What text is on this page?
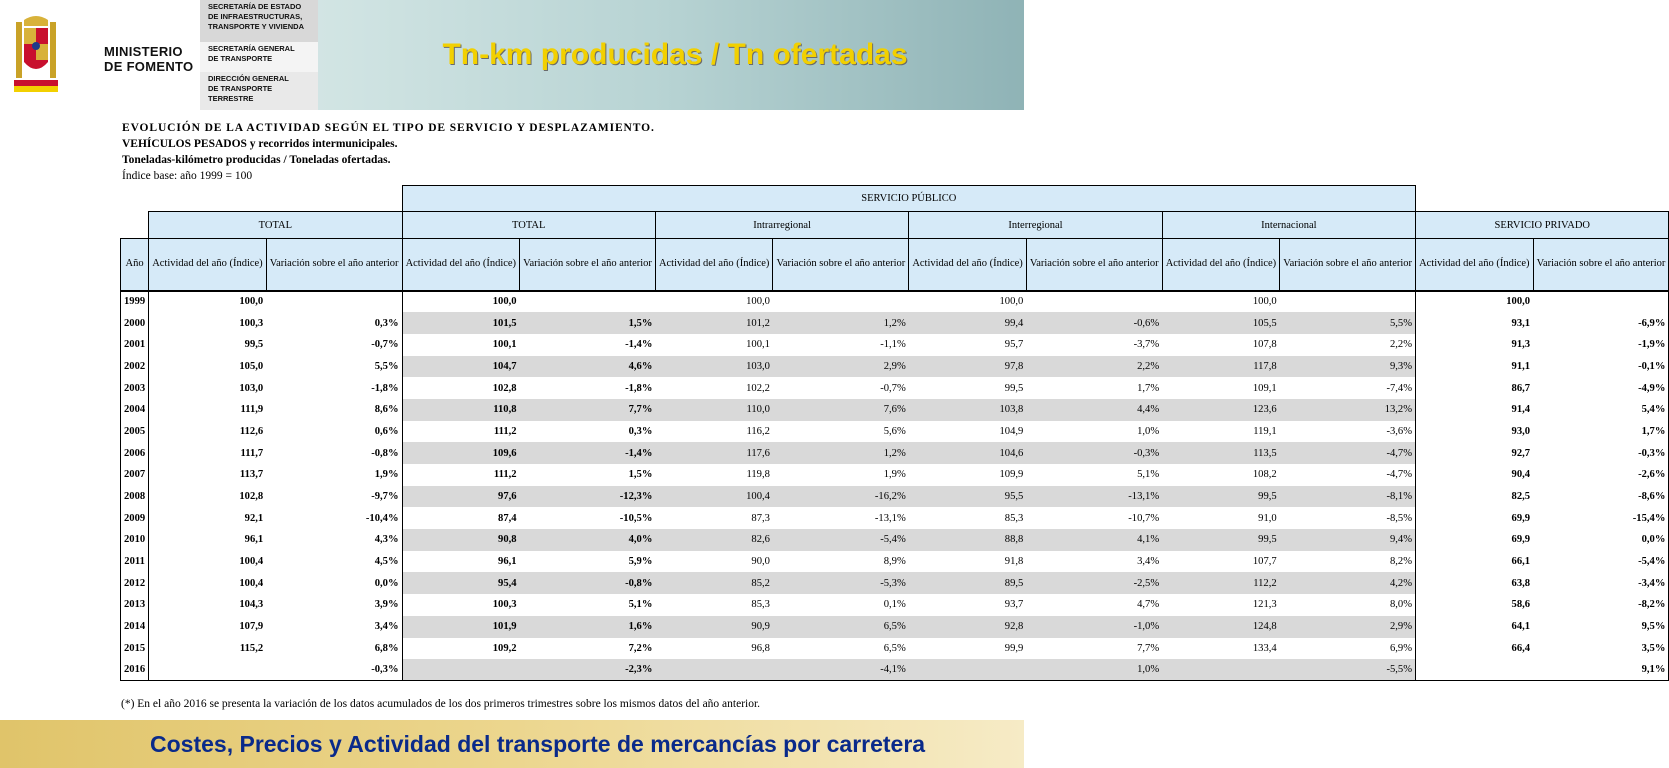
MINISTERIO
DE FOMENTO
SECRETARÍA DE ESTADO
DE INFRAESTRUCTURAS,
TRANSPORTE Y VIVIENDA
SECRETARÍA GENERAL
DE TRANSPORTE
DIRECCIÓN GENERAL
DE TRANSPORTE
TERRESTRE
Tn-km producidas / Tn ofertadas
EVOLUCIÓN DE LA ACTIVIDAD SEGÚN EL TIPO DE SERVICIO Y DESPLAZAMIENTO.
VEHÍCULOS PESADOS y recorridos intermunicipales.
Toneladas-kilómetro producidas / Toneladas ofertadas.
Índice base: año 1999 = 100
			SERVICIO PÚBLICO									
	TOTAL		TOTAL		Intrarregional		Interregional		Internacional		SERVICIO PRIVADO	
Año	Actividad del año (Índice)	Variación sobre el año anterior	Actividad del año (Índice)	Variación sobre el año anterior	Actividad del año (Índice)	Variación sobre el año anterior	Actividad del año (Índice)	Variación sobre el año anterior	Actividad del año (Índice)	Variación sobre el año anterior	Actividad del año (Índice)	Variación sobre el año anterior
1999	100,0		100,0		100,0		100,0		100,0		100,0	
2000	100,3	0,3%	101,5	1,5%	101,2	1,2%	99,4	-0,6%	105,5	5,5%	93,1	-6,9%
2001	99,5	-0,7%	100,1	-1,4%	100,1	-1,1%	95,7	-3,7%	107,8	2,2%	91,3	-1,9%
2002	105,0	5,5%	104,7	4,6%	103,0	2,9%	97,8	2,2%	117,8	9,3%	91,1	-0,1%
2003	103,0	-1,8%	102,8	-1,8%	102,2	-0,7%	99,5	1,7%	109,1	-7,4%	86,7	-4,9%
2004	111,9	8,6%	110,8	7,7%	110,0	7,6%	103,8	4,4%	123,6	13,2%	91,4	5,4%
2005	112,6	0,6%	111,2	0,3%	116,2	5,6%	104,9	1,0%	119,1	-3,6%	93,0	1,7%
2006	111,7	-0,8%	109,6	-1,4%	117,6	1,2%	104,6	-0,3%	113,5	-4,7%	92,7	-0,3%
2007	113,7	1,9%	111,2	1,5%	119,8	1,9%	109,9	5,1%	108,2	-4,7%	90,4	-2,6%
2008	102,8	-9,7%	97,6	-12,3%	100,4	-16,2%	95,5	-13,1%	99,5	-8,1%	82,5	-8,6%
2009	92,1	-10,4%	87,4	-10,5%	87,3	-13,1%	85,3	-10,7%	91,0	-8,5%	69,9	-15,4%
2010	96,1	4,3%	90,8	4,0%	82,6	-5,4%	88,8	4,1%	99,5	9,4%	69,9	0,0%
2011	100,4	4,5%	96,1	5,9%	90,0	8,9%	91,8	3,4%	107,7	8,2%	66,1	-5,4%
2012	100,4	0,0%	95,4	-0,8%	85,2	-5,3%	89,5	-2,5%	112,2	4,2%	63,8	-3,4%
2013	104,3	3,9%	100,3	5,1%	85,3	0,1%	93,7	4,7%	121,3	8,0%	58,6	-8,2%
2014	107,9	3,4%	101,9	1,6%	90,9	6,5%	92,8	-1,0%	124,8	2,9%	64,1	9,5%
2015	115,2	6,8%	109,2	7,2%	96,8	6,5%	99,9	7,7%	133,4	6,9%	66,4	3,5%
2016		-0,3%		-2,3%		-4,1%		1,0%		-5,5%		9,1%
(*) En el año 2016 se presenta la variación de los datos acumulados de los dos primeros trimestres sobre los mismos datos del año anterior.
Costes, Precios y Actividad del transporte de mercancías por carretera
